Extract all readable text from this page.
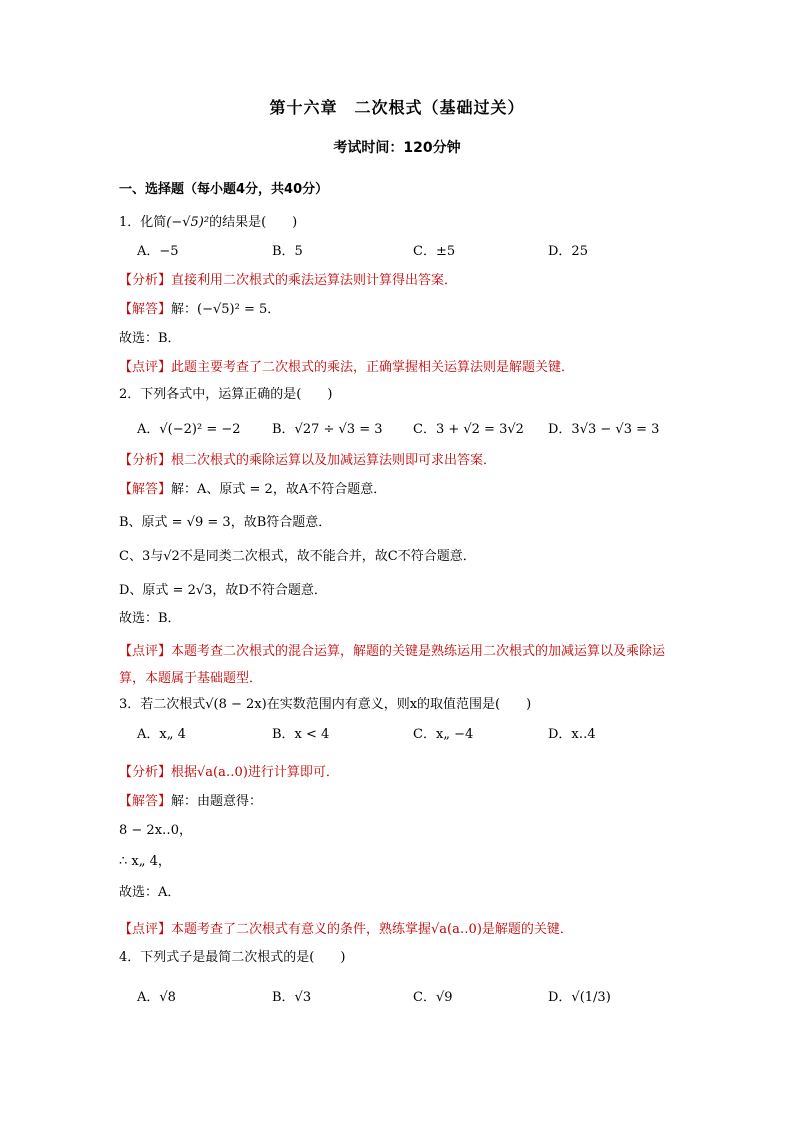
第十六章　二次根式（基础过关）
考试时间：120分钟
一、选择题（每小题4分，共40分）
1．化简(−√5)²的结果是(　　)
A．−5	B．5	C．±5	D．25
【分析】直接利用二次根式的乘法运算法则计算得出答案．
【解答】解：(−√5)² = 5．
故选：B．
【点评】此题主要考查了二次根式的乘法，正确掌握相关运算法则是解题关键．
2．下列各式中，运算正确的是(　　)
A．√(−2)² = −2 B．√27 ÷ √3 = 3 C．3 + √2 = 3√2 D．3√3 − √3 = 3
【分析】根二次根式的乘除运算以及加减运算法则即可求出答案．
【解答】解：A、原式 = 2，故A不符合题意．
B、原式 = √9 = 3，故B符合题意．
C、3与√2不是同类二次根式，故不能合并，故C不符合题意．
D、原式 = 2√3，故D不符合题意．
故选：B．
【点评】本题考查二次根式的混合运算，解题的关键是熟练运用二次根式的加减运算以及乘除运算，本题属于基础题型．
3．若二次根式√(8 − 2x)在实数范围内有意义，则x的取值范围是(　　)
A．x„ 4	B．x < 4	C．x„ −4	D．x‥4
【分析】根据√a(a‥0)进行计算即可．
【解答】解：由题意得：
8 − 2x‥0，
∴ x„ 4，
故选：A．
【点评】本题考查了二次根式有意义的条件，熟练掌握√a(a‥0)是解题的关键．
4．下列式子是最简二次根式的是(　　)
A．√8	B．√3	C．√9	D．√(1/3)
